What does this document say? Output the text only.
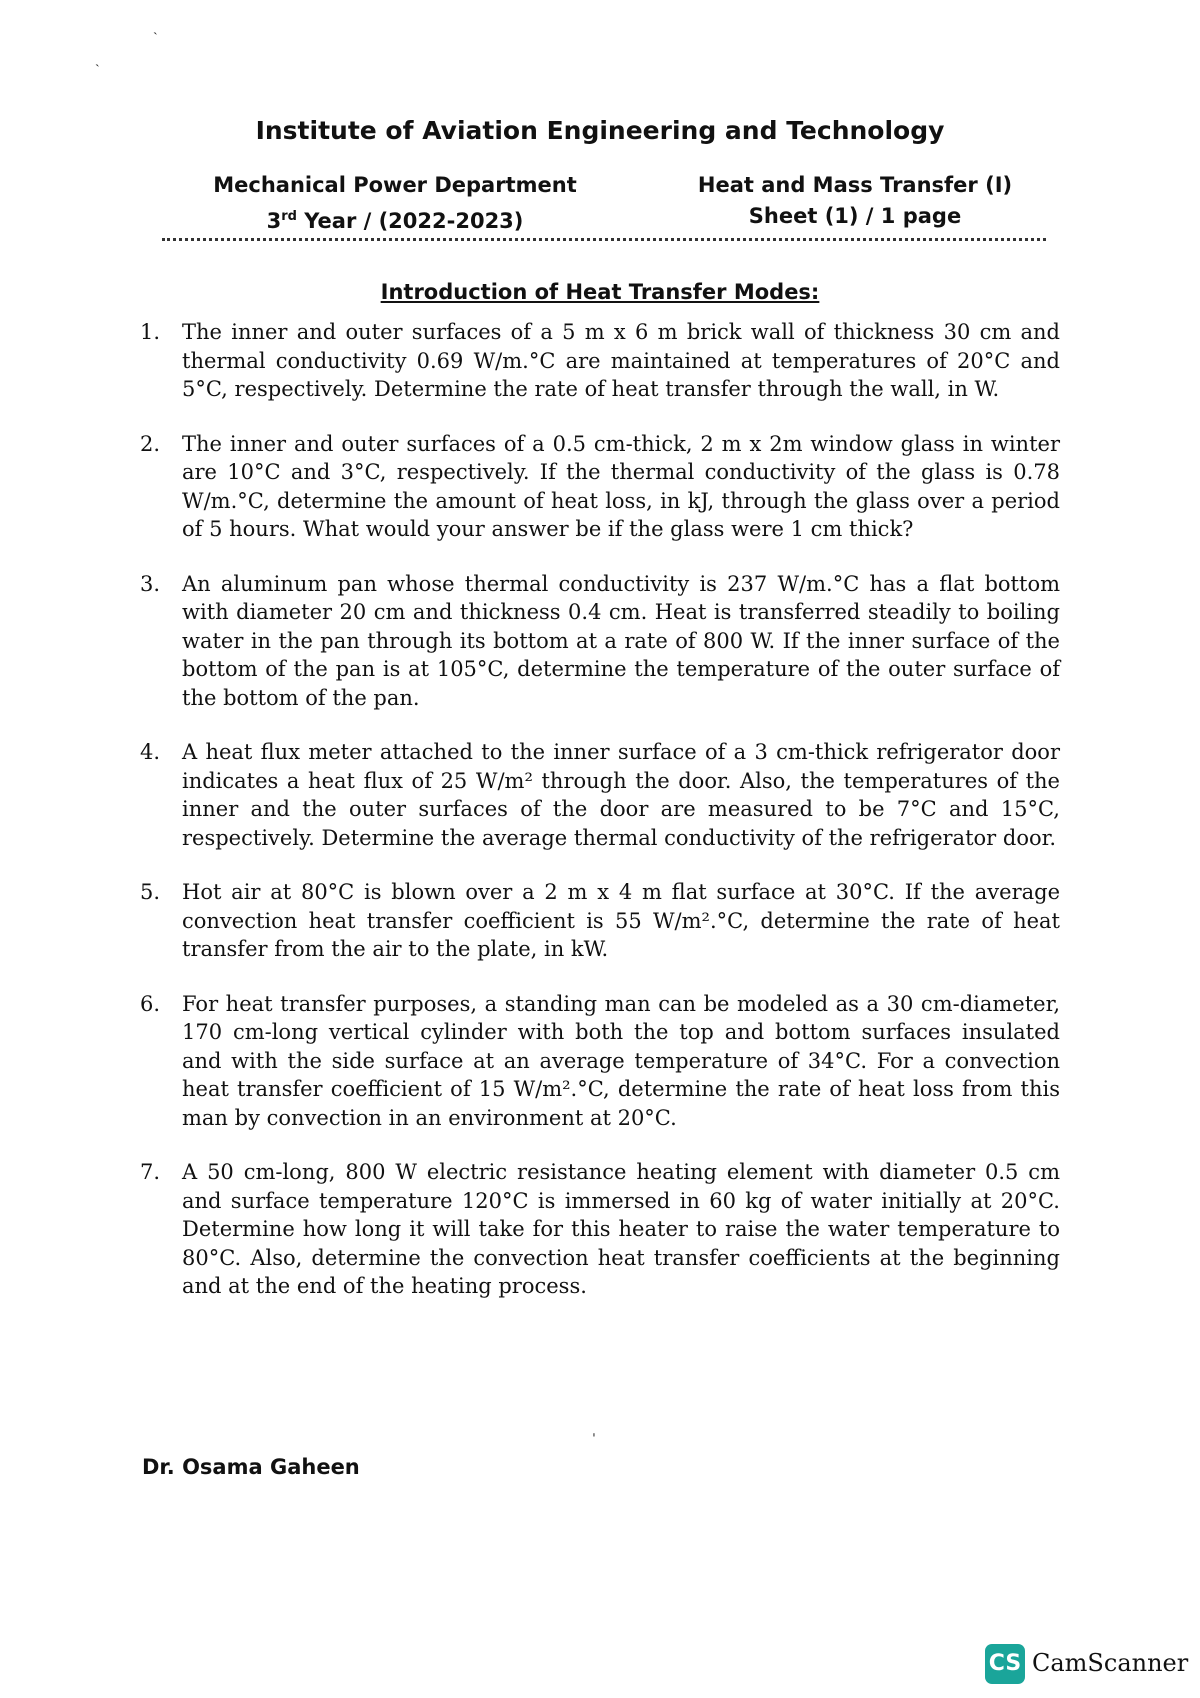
˴
˴
Institute of Aviation Engineering and Technology
Mechanical Power Department
3rd Year / (2022-2023)
Heat and Mass Transfer (I)
Sheet (1) / 1 page
Introduction of Heat Transfer Modes:
1.	The inner and outer surfaces of a 5 m x 6 m brick wall of thickness 30 cm and thermal conductivity 0.69 W/m.°C are maintained at temperatures of 20°C and 5°C, respectively. Determine the rate of heat transfer through the wall, in W.
2.	The inner and outer surfaces of a 0.5 cm-thick, 2 m x 2m window glass in winter are 10°C and 3°C, respectively. If the thermal conductivity of the glass is 0.78 W/m.°C, determine the amount of heat loss, in kJ, through the glass over a period of 5 hours. What would your answer be if the glass were 1 cm thick?
3.	An aluminum pan whose thermal conductivity is 237 W/m.°C has a flat bottom with diameter 20 cm and thickness 0.4 cm. Heat is transferred steadily to boiling water in the pan through its bottom at a rate of 800 W. If the inner surface of the bottom of the pan is at 105°C, determine the temperature of the outer surface of the bottom of the pan.
4.	A heat flux meter attached to the inner surface of a 3 cm-thick refrigerator door indicates a heat flux of 25 W/m² through the door. Also, the temperatures of the inner and the outer surfaces of the door are measured to be 7°C and 15°C, respectively. Determine the average thermal conductivity of the refrigerator door.
5.	Hot air at 80°C is blown over a 2 m x 4 m flat surface at 30°C. If the average convection heat transfer coefficient is 55 W/m².°C, determine the rate of heat transfer from the air to the plate, in kW.
6.	For heat transfer purposes, a standing man can be modeled as a 30 cm-diameter, 170 cm-long vertical cylinder with both the top and bottom surfaces insulated and with the side surface at an average temperature of 34°C. For a convection heat transfer coefficient of 15 W/m².°C, determine the rate of heat loss from this man by convection in an environment at 20°C.
7.	A 50 cm-long, 800 W electric resistance heating element with diameter 0.5 cm and surface temperature 120°C is immersed in 60 kg of water initially at 20°C. Determine how long it will take for this heater to raise the water temperature to 80°C. Also, determine the convection heat transfer coefficients at the beginning and at the end of the heating process.
ˈ
Dr. Osama Gaheen
CS CamScanner
